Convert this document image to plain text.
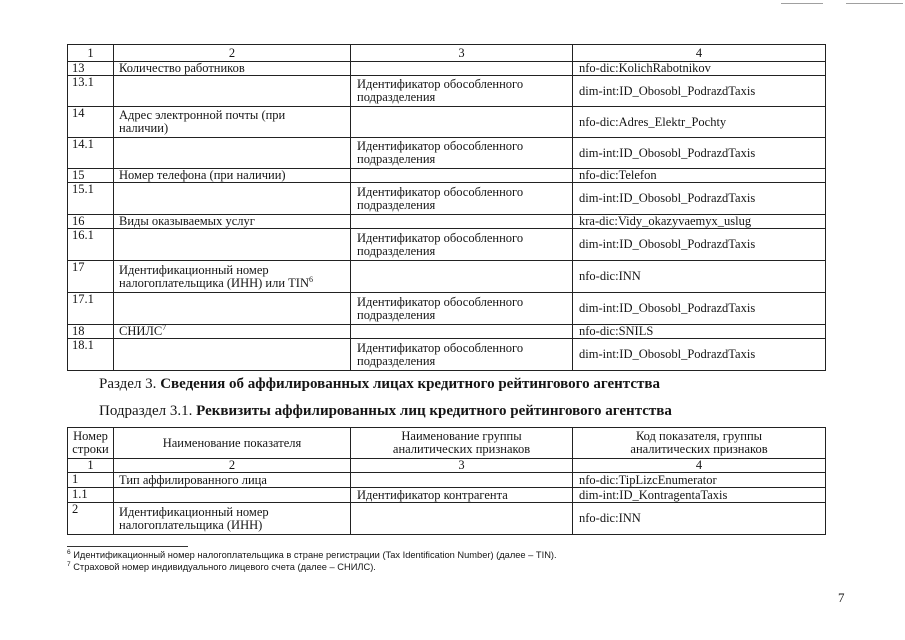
1	2	3	4
13	Количество работников		nfo-dic:KolichRabotnikov
13.1		Идентификатор обособленного подразделения	dim-int:ID_Obosobl_PodrazdTaxis
14	Адрес электронной почты (при наличии)		nfo-dic:Adres_Elektr_Pochty
14.1		Идентификатор обособленного подразделения	dim-int:ID_Obosobl_PodrazdTaxis
15	Номер телефона (при наличии)		nfo-dic:Telefon
15.1		Идентификатор обособленного подразделения	dim-int:ID_Obosobl_PodrazdTaxis
16	Виды оказываемых услуг		kra-dic:Vidy_okazyvaemyx_uslug
16.1		Идентификатор обособленного подразделения	dim-int:ID_Obosobl_PodrazdTaxis
17	Идентификационный номер налогоплательщика (ИНН) или TIN$^6$		nfo-dic:INN
17.1		Идентификатор обособленного подразделения	dim-int:ID_Obosobl_PodrazdTaxis
18	СНИЛС$^7$		nfo-dic:SNILS
18.1		Идентификатор обособленного подразделения	dim-int:ID_Obosobl_PodrazdTaxis
Раздел 3. Сведения об аффилированных лицах кредитного рейтингового агентства
Подраздел 3.1. Реквизиты аффилированных лиц кредитного рейтингового агентства
Номер строки	Наименование показателя	Наименование группы аналитических признаков	Код показателя, группы аналитических признаков
1	2	3	4
1	Тип аффилированного лица		nfo-dic:TipLizcEnumerator
1.1		Идентификатор контрагента	dim-int:ID_KontragentaTaxis
2	Идентификационный номер налогоплательщика (ИНН)		nfo-dic:INN
$^6$ Идентификационный номер налогоплательщика в стране регистрации (Tax Identification Number) (далее – TIN).
$^7$ Страховой номер индивидуального лицевого счета (далее – СНИЛС).
7
